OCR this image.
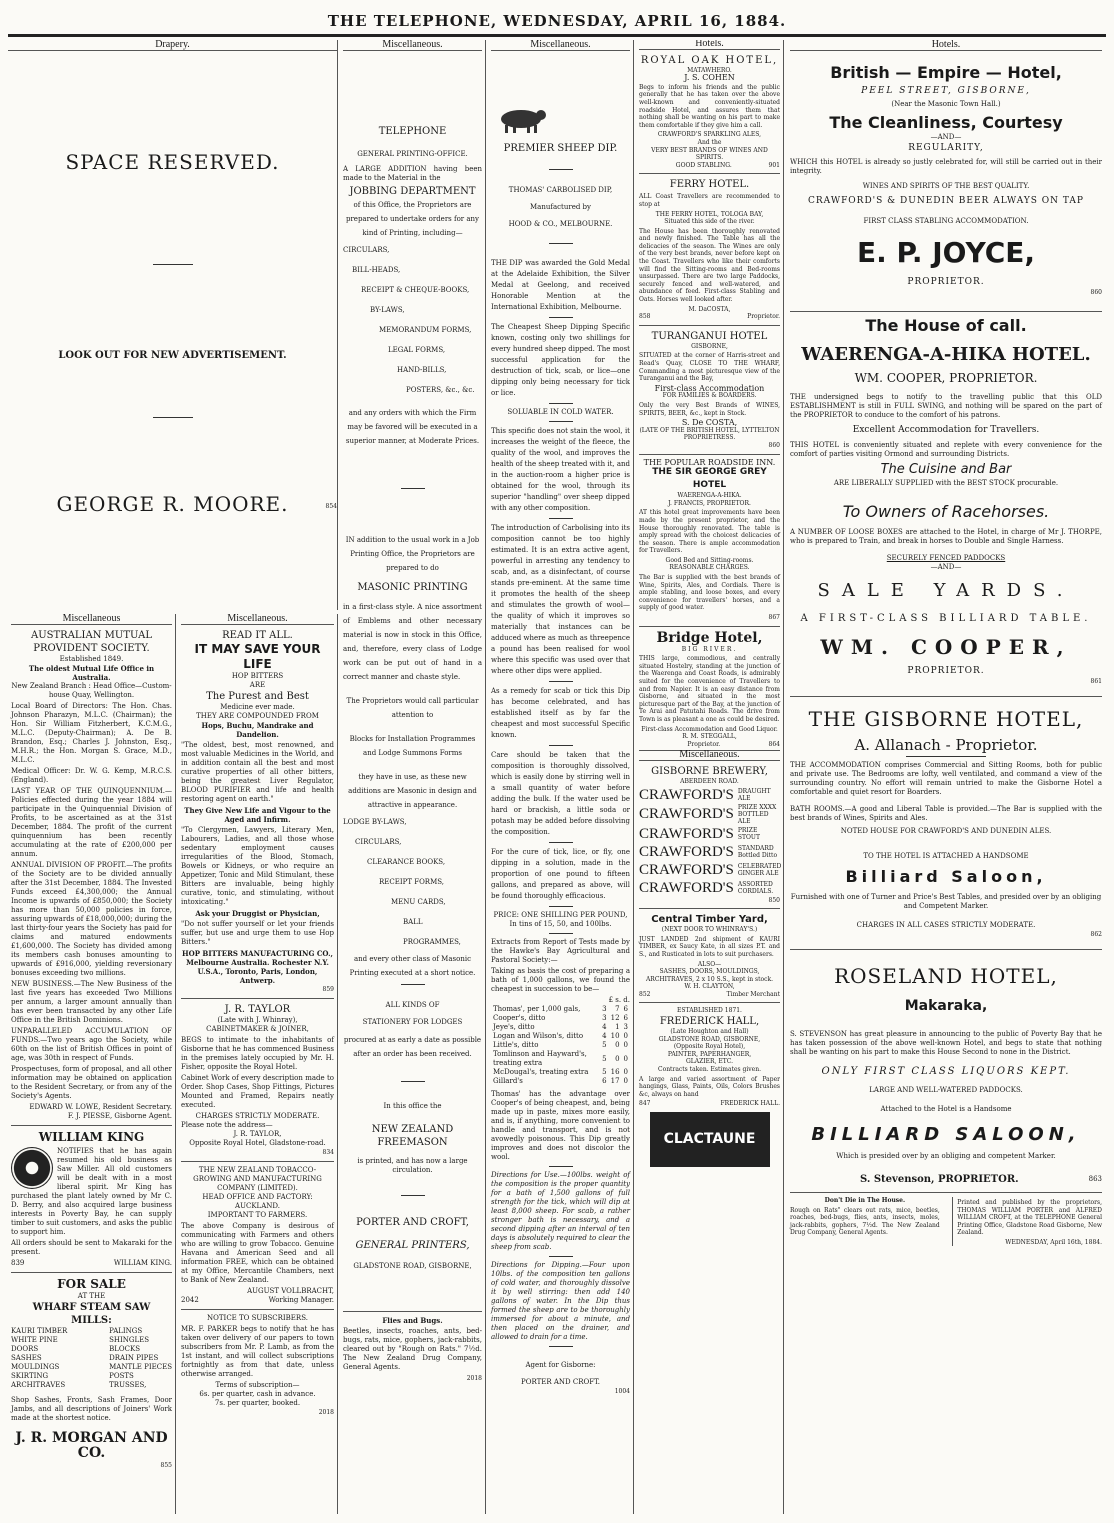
THE TELEPHONE, WEDNESDAY, APRIL 16, 1884.
Drapery.
SPACE RESERVED.
LOOK OUT FOR NEW ADVERTISEMENT.
GEORGE R. MOORE.	854
Miscellaneous
AUSTRALIAN MUTUAL PROVIDENT SOCIETY.
Established 1849.
The oldest Mutual Life Office in Australia.
New Zealand Branch : Head Office—Custom-house Quay, Wellington.
Local Board of Directors: The Hon. Chas. Johnson Pharazyn, M.L.C. (Chairman); the Hon. Sir William Fitzherbert, K.C.M.G., M.L.C. (Deputy-Chairman); A. De B. Brandon, Esq.; Charles J. Johnston, Esq., M.H.R.; the Hon. Morgan S. Grace, M.D., M.L.C.
Medical Officer: Dr. W. G. Kemp, M.R.C.S. (England).
LAST YEAR OF THE QUINQUENNIUM.—Policies effected during the year 1884 will participate in the Quinquennial Division of Profits, to be ascertained as at the 31st December, 1884. The profit of the current quinquennium has been recently accumulating at the rate of £200,000 per annum.
ANNUAL DIVISION OF PROFIT.—The profits of the Society are to be divided annually after the 31st December, 1884. The Invested Funds exceed £4,300,000; the Annual Income is upwards of £850,000; the Society has more than 50,000 policies in force, assuring upwards of £18,000,000; during the last thirty-four years the Society has paid for claims and matured endowments £1,600,000. The Society has divided among its members cash bonuses amounting to upwards of £916,000, yielding reversionary bonuses exceeding two millions.
NEW BUSINESS.—The New Business of the last five years has exceeded Two Millions per annum, a larger amount annually than has ever been transacted by any other Life Office in the British Dominions.
UNPARALLELED ACCUMULATION OF FUNDS.—Two years ago the Society, while 60th on the list of British Offices in point of age, was 30th in respect of Funds.
Prospectuses, form of proposal, and all other information may be obtained on application to the Resident Secretary, or from any of the Society's Agents.
EDWARD W. LOWE, Resident Secretary.
F. J. PIESSE, Gisborne Agent.
WILLIAM KING
NOTIFIES that he has again resumed his old business as Saw Miller. All old customers will be dealt with in a most liberal spirit. Mr King has purchased the plant lately owned by Mr C. D. Berry, and also acquired large business interests in Poverty Bay, he can supply timber to suit customers, and asks the public to support him.
All orders should be sent to Makaraki for the present.
839	WILLIAM KING.
FOR SALE
AT THE
WHARF STEAM SAW MILLS:
KAURI TIMBER
WHITE PINE
DOORS
SASHES
MOULDINGS
SKIRTING
ARCHITRAVES
PALINGS
SHINGLES
BLOCKS
DRAIN PIPES
MANTLE PIECES
POSTS
TRUSSES,
Shop Sashes, Fronts, Sash Frames, Door Jambs, and all descriptions of Joiners' Work made at the shortest notice.
J. R. MORGAN AND CO.
855
Miscellaneous.
READ IT ALL.
IT MAY SAVE YOUR LIFE
HOP BITTERS
ARE
The Purest and Best
Medicine ever made.
THEY ARE COMPOUNDED FROM
Hops, Buchu, Mandrake and Dandelion.
"The oldest, best, most renowned, and most valuable Medicines in the World, and in addition contain all the best and most curative properties of all other bitters, being the greatest Liver Regulator, BLOOD PURIFIER and life and health restoring agent on earth."
They Give New Life and Vigour to the Aged and Infirm.
"To Clergymen, Lawyers, Literary Men, Labourers, Ladies, and all those whose sedentary employment causes irregularities of the Blood, Stomach, Bowels or Kidneys, or who require an Appetizer, Tonic and Mild Stimulant, these Bitters are invaluable, being highly curative, tonic, and stimulating, without intoxicating."
Ask your Druggist or Physician,
"Do not suffer yourself or let your friends suffer, but use and urge them to use Hop Bitters."
HOP BITTERS MANUFACTURING CO., Melbourne Australia. Rochester N.Y. U.S.A., Toronto, Paris, London, Antwerp.
859
J. R. TAYLOR
(Late with J. Whinray),
CABINETMAKER & JOINER,
BEGS to intimate to the inhabitants of Gisborne that he has commenced Business in the premises lately occupied by Mr. H. Fisher, opposite the Royal Hotel.
Cabinet Work of every description made to Order. Shop Cases, Shop Fittings, Pictures Mounted and Framed, Repairs neatly executed.
CHARGES STRICTLY MODERATE.
Please note the address—
J. R. TAYLOR,
Opposite Royal Hotel, Gladstone-road.
834
THE NEW ZEALAND TOBACCO-GROWING AND MANUFACTURING COMPANY (LIMITED).
HEAD OFFICE AND FACTORY: AUCKLAND.
IMPORTANT TO FARMERS.
The above Company is desirous of communicating with Farmers and others who are willing to grow Tobacco. Genuine Havana and American Seed and all information FREE, which can be obtained at my Office, Mercantile Chambers, next to Bank of New Zealand.
AUGUST VOLLBRACHT,
2042	Working Manager.
NOTICE TO SUBSCRIBERS.
MR. F. PARKER begs to notify that he has taken over delivery of our papers to town subscribers from Mr. P. Lamb, as from the 1st instant, and will collect subscriptions fortnightly as from that date, unless otherwise arranged.
Terms of subscription—
6s. per quarter, cash in advance.
7s. per quarter, booked.
2018
Miscellaneous.
TELEPHONE
GENERAL PRINTING-OFFICE.
A LARGE ADDITION having been made to the Material in the
JOBBING DEPARTMENT
of this Office, the Proprietors are prepared to undertake orders for any kind of Printing, including—
CIRCULARS,
BILL-HEADS,
RECEIPT & CHEQUE-BOOKS,
BY-LAWS,
MEMORANDUM FORMS,
LEGAL FORMS,
HAND-BILLS,
POSTERS, &c., &c.
and any orders with which the Firm may be favored will be executed in a superior manner, at Moderate Prices.
IN addition to the usual work in a Job Printing Office, the Proprietors are prepared to do
MASONIC PRINTING
in a first-class style. A nice assortment of Emblems and other necessary material is now in stock in this Office, and, therefore, every class of Lodge work can be put out of hand in a correct manner and chaste style.
The Proprietors would call particular attention to
Blocks for Installation Programmes and Lodge Summons Forms
they have in use, as these new additions are Masonic in design and attractive in appearance.
LODGE BY-LAWS,
CIRCULARS,
CLEARANCE BOOKS,
RECEIPT FORMS,
MENU CARDS,
BALL PROGRAMMES,
and every other class of Masonic Printing executed at a short notice.
ALL KINDS OF
STATIONERY FOR LODGES
procured at as early a date as possible after an order has been received.
In this office the
NEW ZEALAND FREEMASON
is printed, and has now a large circulation.
PORTER AND CROFT,
GENERAL PRINTERS,
GLADSTONE ROAD, GISBORNE,
Flies and Bugs.
Beetles, insects, roaches, ants, bed-bugs, rats, mice, gophers, jack-rabbits, cleared out by "Rough on Rats." 7½d. The New Zealand Drug Company, General Agents.
2018
Miscellaneous.
PREMIER SHEEP DIP.
THOMAS' CARBOLISED DIP,
Manufactured by
HOOD & CO., MELBOURNE.
THE DIP was awarded the Gold Medal at the Adelaide Exhibition, the Silver Medal at Geelong, and received Honorable Mention at the International Exhibition, Melbourne.
The Cheapest Sheep Dipping Specific known, costing only two shillings for every hundred sheep dipped. The most successful application for the destruction of tick, scab, or lice—one dipping only being necessary for tick or lice.
SOLUABLE IN COLD WATER.
This specific does not stain the wool, it increases the weight of the fleece, the quality of the wool, and improves the health of the sheep treated with it, and in the auction-room a higher price is obtained for the wool, through its superior "handling" over sheep dipped with any other composition.
The introduction of Carbolising into its composition cannot be too highly estimated. It is an extra active agent, powerful in arresting any tendency to scab, and, as a disinfectant, of course stands pre-eminent. At the same time it promotes the health of the sheep and stimulates the growth of wool—the quality of which it improves so materially that instances can be adduced where as much as threepence a pound has been realised for wool where this specific was used over that where other dips were applied.
As a remedy for scab or tick this Dip has become celebrated, and has established itself as by far the cheapest and most successful Specific known.
Care should be taken that the composition is thoroughly dissolved, which is easily done by stirring well in a small quantity of water before adding the bulk. If the water used be hard or brackish, a little soda or potash may be added before dissolving the composition.
For the cure of tick, lice, or fly, one dipping in a solution, made in the proportion of one pound to fifteen gallons, and prepared as above, will be found thoroughly efficacious.
PRICE: ONE SHILLING PER POUND,
In tins of 15, 50, and 100lbs.
Extracts from Report of Tests made by the Hawke's Bay Agricultural and Pastoral Society:—
Taking as basis the cost of preparing a bath of 1,000 gallons, we found the cheapest in succession to be—
£ s. d.
Thomas', per 1,000 gals,	3	7	6
Cooper's, ditto	3	12	6
Jeye's, ditto	4	1	3
Logan and Wilson's, ditto	4	10	0
Little's, ditto	5	0	0
Tomlinson and Hayward's, treating extra	5	0	0
McDougal's, treating extra	5	16	0
Gillard's	6	17	0
Thomas' has the advantage over Cooper's of being cheapest, and, being made up in paste, mixes more easily, and is, if anything, more convenient to handle and transport, and is not avowedly poisonous. This Dip greatly improves and does not discolor the wool.
Directions for Use.—100lbs. weight of the composition is the proper quantity for a bath of 1,500 gallons of full strength for the tick, which will dip at least 8,000 sheep. For scab, a rather stronger bath is necessary, and a second dipping after an interval of ten days is absolutely required to clear the sheep from scab.
Directions for Dipping.—Four upon 10lbs. of the composition ten gallons of cold water, and thoroughly dissolve it by well stirring: then add 140 gallons of water. In the Dip thus formed the sheep are to be thoroughly immersed for about a minute, and then placed on the drainer, and allowed to drain for a time.
Agent for Gisborne:
PORTER AND CROFT.
1004
Hotels.
ROYAL OAK HOTEL,
MATAWHERO.
J. S. COHEN
Begs to inform his friends and the public generally that he has taken over the above well-known and conveniently-situated roadside Hotel, and assures them that nothing shall be wanting on his part to make them comfortable if they give him a call.
CRAWFORD'S SPARKLING ALES,
And the
VERY BEST BRANDS OF WINES AND SPIRITS.
GOOD STABLING.	901
FERRY HOTEL.
ALL Coast Travellers are recommended to stop at
THE FERRY HOTEL, TOLOGA BAY,
Situated this side of the river.
The House has been thoroughly renovated and newly finished. The Table has all the delicacies of the season. The Wines are only of the very best brands, never before kept on the Coast. Travellers who like their comforts will find the Sitting-rooms and Bed-rooms unsurpassed. There are two large Paddocks, securely fenced and well-watered, and abundance of feed. First-class Stabling and Oats. Horses well looked after.
M. DaCOSTA,
858	Proprietor.
TURANGANUI HOTEL
GISBORNE,
SITUATED at the corner of Harris-street and Read's Quay, CLOSE TO THE WHARF, Commanding a most picturesque view of the Turanganui and the Bay,
First-class Accommodation
FOR FAMILIES & BOARDERS.
Only the very Best Brands of WINES, SPIRITS, BEER, &c., kept in Stock.
S. De COSTA,
(LATE OF THE BRITISH HOTEL, LYTTELTON PROPRIETRESS.
860
THE POPULAR ROADSIDE INN.
THE SIR GEORGE GREY HOTEL
WAERENGA-A-HIKA.
J. FRANCIS, PROPRIETOR.
AT this hotel great improvements have been made by the present proprietor, and the House thoroughly renovated. The table is amply spread with the choicest delicacies of the season. There is ample accommodation for Travellers.
Good Bed and Sitting-rooms.
REASONABLE CHARGES.
The Bar is supplied with the best brands of Wine, Spirits, Ales, and Cordials. There is ample stabling, and loose boxes, and every convenience for travellers' horses, and a supply of good water.
867
Bridge Hotel,
BIG RIVER.
THIS large, commodious, and centrally situated Hostelry, standing at the junction of the Waerenga and Coast Roads, is admirably suited for the convenience of Travellers to and from Napier. It is an easy distance from Gisborne, and situated in the most picturesque part of the Bay, at the junction of Te Arai and Patutahi Roads. The drive from Town is as pleasant a one as could be desired.
First-class Accommodation and Good Liquor.
R. M. STEGGALL,
Proprietor.	864
Miscellaneous.
GISBORNE BREWERY,
ABERDEEN ROAD.
CRAWFORD'S DRAUGHT
ALE
CRAWFORD'S PRIZE XXXX
BOTTLED ALE
CRAWFORD'S PRIZE STOUT
CRAWFORD'S STANDARD
Bottled Ditto
CRAWFORD'S CELEBRATED
GINGER ALE
CRAWFORD'S ASSORTED
CORDIALS.
850
Central Timber Yard,
(NEXT DOOR TO WHINRAY'S.)
JUST LANDED 2nd shipment of KAURI TIMBER, ex Saucy Kate, in all sizes P.T. and S., and Rusticated in lots to suit purchasers.
ALSO—
SASHES, DOORS, MOULDINGS, ARCHITRAVES, 2 x 10 S.S., kept in stock.
W. H. CLAYTON,
852	Timber Merchant
ESTABLISHED 1871.
FREDERICK HALL,
(Late Houghton and Hall)
GLADSTONE ROAD, GISBORNE,
(Opposite Royal Hotel),
PAINTER, PAPERHANGER,
GLAZIER, ETC.
Contracts taken. Estimates given.
A large and varied assortment of Paper hangings, Glass, Paints, Oils, Colors Brushes &c, always on hand
847	FREDERICK HALL.
CLACTAUNE
Hotels.
British — Empire — Hotel,
PEEL STREET, GISBORNE,
(Near the Masonic Town Hall.)
The Cleanliness, Courtesy
—AND—
REGULARITY,
WHICH this HOTEL is already so justly celebrated for, will still be carried out in their integrity.
WINES AND SPIRITS OF THE BEST QUALITY.
CRAWFORD'S & DUNEDIN BEER ALWAYS ON TAP
FIRST CLASS STABLING ACCOMMODATION.
E. P. JOYCE,
PROPRIETOR.
860
The House of call.
WAERENGA-A-HIKA HOTEL.
WM. COOPER, PROPRIETOR.
THE undersigned begs to notify to the travelling public that this OLD ESTABLISHMENT is still in FULL SWING, and nothing will be spared on the part of the PROPRIETOR to conduce to the comfort of his patrons.
Excellent Accommodation for Travellers.
THIS HOTEL is conveniently situated and replete with every convenience for the comfort of parties visiting Ormond and surrounding Districts.
The Cuisine and Bar
ARE LIBERALLY SUPPLIED with the BEST STOCK procurable.
To Owners of Racehorses.
A NUMBER OF LOOSE BOXES are attached to the Hotel, in charge of Mr J. THORPE, who is prepared to Train, and break in horses to Double and Single Harness.
SECURELY FENCED PADDOCKS
—AND—
SALE YARDS.
A FIRST-CLASS BILLIARD TABLE.
WM. COOPER,
PROPRIETOR.
861
THE GISBORNE HOTEL,
A. Allanach - Proprietor.
THE ACCOMMODATION comprises Commercial and Sitting Rooms, both for public and private use. The Bedrooms are lofty, well ventilated, and command a view of the surrounding country. No effort will remain untried to make the Gisborne Hotel a comfortable and quiet resort for Boarders.
BATH ROOMS.—A good and Liberal Table is provided.—The Bar is supplied with the best brands of Wines, Spirits and Ales.
NOTED HOUSE FOR CRAWFORD'S AND DUNEDIN ALES.
TO THE HOTEL IS ATTACHED A HANDSOME
Billiard Saloon,
Furnished with one of Turner and Price's Best Tables, and presided over by an obliging and Competent Marker.
CHARGES IN ALL CASES STRICTLY MODERATE.
862
ROSELAND HOTEL,
Makaraka,
S. STEVENSON has great pleasure in announcing to the public of Poverty Bay that he has taken possession of the above well-known Hotel, and begs to state that nothing shall be wanting on his part to make this House Second to none in the District.
ONLY FIRST CLASS LIQUORS KEPT.
LARGE AND WELL-WATERED PADDOCKS.
Attached to the Hotel is a Handsome
BILLIARD SALOON,
Which is presided over by an obliging and competent Marker.
S. Stevenson, PROPRIETOR.	863
Don't Die in The House.
Rough on Rats" clears out rats, mice, beetles, roaches, bed-bugs, flies, ants, insects, moles, jack-rabbits, gophers, 7½d. The New Zealand Drug Company, General Agents.
Printed and published by the proprietors, THOMAS WILLIAM PORTER and ALFRED WILLIAM CROFT, at the TELEPHONE General Printing Office, Gladstone Road Gisborne, New Zealand.
WEDNESDAY, April 16th, 1884.
